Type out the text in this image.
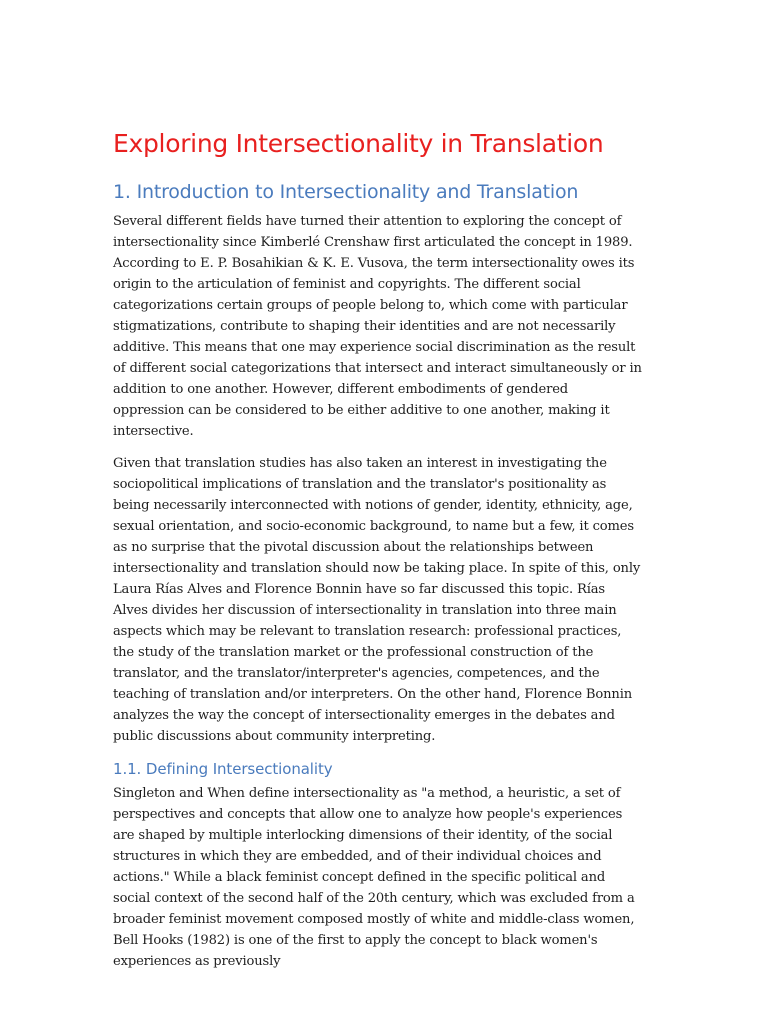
Exploring Intersectionality in Translation
1. Introduction to Intersectionality and Translation

Several different fields have turned their attention to exploring the concept of intersectionality since Kimberlé Crenshaw first articulated the concept in 1989. According to E. P. Bosahikian & K. E. Vusova, the term intersectionality owes its origin to the articulation of feminist and copyrights. The different social categorizations certain groups of people belong to, which come with particular stigmatizations, contribute to shaping their identities and are not necessarily additive. This means that one may experience social discrimination as the result of different social categorizations that intersect and interact simultaneously or in addition to one another. However, different embodiments of gendered oppression can be considered to be either additive to one another, making it intersective.

Given that translation studies has also taken an interest in investigating the sociopolitical implications of translation and the translator's positionality as being necessarily interconnected with notions of gender, identity, ethnicity, age, sexual orientation, and socio-economic background, to name but a few, it comes as no surprise that the pivotal discussion about the relationships between intersectionality and translation should now be taking place. In spite of this, only Laura Rías Alves and Florence Bonnin have so far discussed this topic. Rías Alves divides her discussion of intersectionality in translation into three main aspects which may be relevant to translation research: professional practices, the study of the translation market or the professional construction of the translator, and the translator/interpreter's agencies, competences, and the teaching of translation and/or interpreters. On the other hand, Florence Bonnin analyzes the way the concept of intersectionality emerges in the debates and public discussions about community interpreting.

1.1. Defining Intersectionality

Singleton and When define intersectionality as "a method, a heuristic, a set of perspectives and concepts that allow one to analyze how people's experiences are shaped by multiple interlocking dimensions of their identity, of the social structures in which they are embedded, and of their individual choices and actions." While a black feminist concept defined in the specific political and social context of the second half of the 20th century, which was excluded from a broader feminist movement composed mostly of white and middle-class women, Bell Hooks (1982) is one of the first to apply the concept to black women's experiences as previously
